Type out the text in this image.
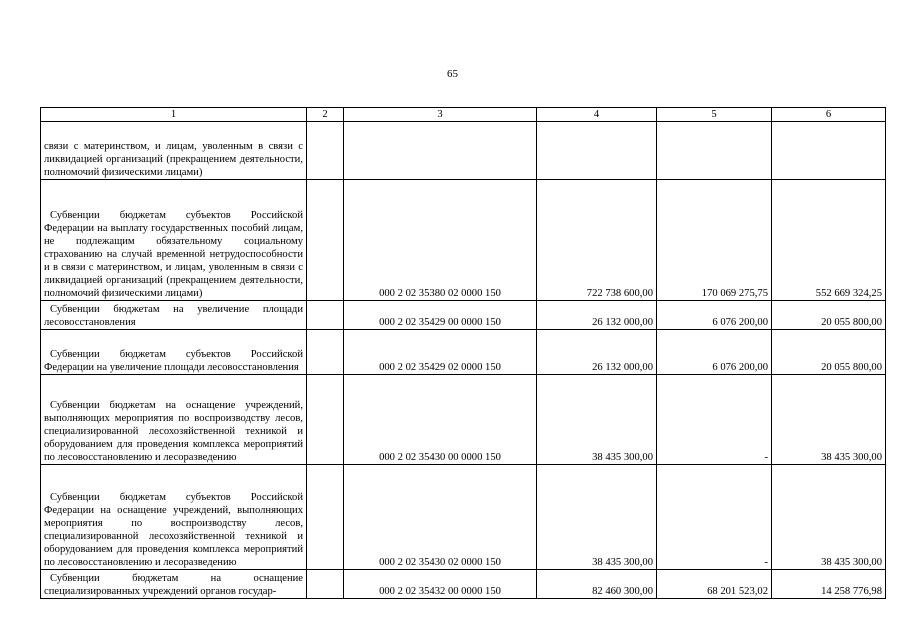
65
1	2	3	4	5	6

связи с материнством, и лицам, уволенным в связи с ликвидацией организаций (прекращением деятельности, полномочий физическими лицами)					

Субвенции бюджетам субъектов Российской Федерации на выплату государственных пособий лицам, не подлежащим обязательному социальному страхованию на случай временной нетрудоспособности и в связи с материнством, и лицам, уволенным в связи с ликвидацией организаций (прекращением деятельности, полномочий физическими лицами)		000 2 02 35380 02 0000 150	722 738 600,00	170 069 275,75	552 669 324,25

Субвенции бюджетам на увеличение площади лесовосстановления		000 2 02 35429 00 0000 150	26 132 000,00	6 076 200,00	20 055 800,00

Субвенции бюджетам субъектов Российской Федерации на увеличение площади лесовосстановления		000 2 02 35429 02 0000 150	26 132 000,00	6 076 200,00	20 055 800,00

Субвенции бюджетам на оснащение учреждений, выполняющих мероприятия по воспроизводству лесов, специализированной лесохозяйственной техникой и оборудованием для проведения комплекса мероприятий по лесовосстановлению и лесоразведению		000 2 02 35430 00 0000 150	38 435 300,00	-	38 435 300,00

Субвенции бюджетам субъектов Российской Федерации на оснащение учреждений, выполняющих мероприятия по воспроизводству лесов, специализированной лесохозяйственной техникой и оборудованием для проведения комплекса мероприятий по лесовосстановлению и лесоразведению		000 2 02 35430 02 0000 150	38 435 300,00	-	38 435 300,00

Субвенции бюджетам на оснащение специализированных учреждений органов государ-		000 2 02 35432 00 0000 150	82 460 300,00	68 201 523,02	14 258 776,98
